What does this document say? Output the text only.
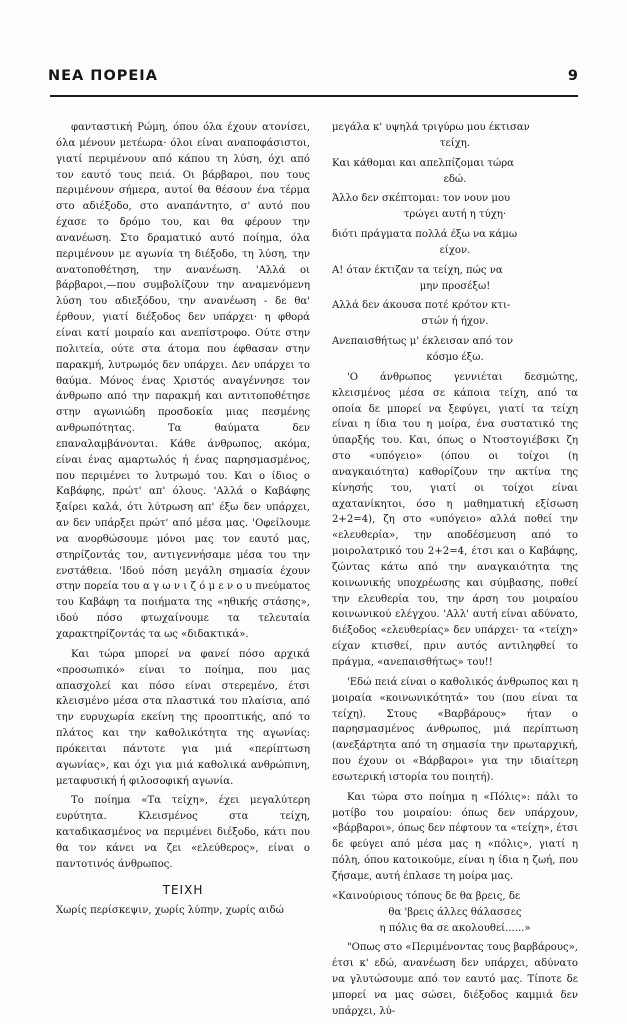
ΝΕΑ ΠΟΡΕΙΑ	9

φανταστική Ρώμη, όπου όλα έχουν ατονίσει, όλα μένουν μετέωρα· όλοι είναι αναποφάσιστοι, γιατί περιμένουν από κάπου τη λύση, όχι από τον εαυτό τους πειά. Οι βάρβαροι, που τους περιμένουν σήμερα, αυτοί θα θέσουν ένα τέρμα στο αδιέξοδο, στο αναπάντητο, σ' αυτό που έχασε το δρόμο του, και θα φέρουν την ανανέωση. Στο δραματικό αυτό ποίημα, όλα περιμένουν με αγωνία τη διέξοδο, τη λύση, την ανατοποθέτηση, την ανανέωση. 'Αλλά οι βάρβαροι,—που συμβολίζουν την αναμενόμενη λύση του αδιεξόδου, την ανανέωση - δε θα' έρθουν, γιατί διέξοδος δεν υπάρχει· η φθορά είναι κατί μοιραίο και ανεπίστροφο. Ούτε στην πολιτεία, ούτε στα άτομα που έφθασαν στην παρακμή, λυτρωμός δεν υπάρχει. Δεν υπάρχει το θαύμα. Μόνος ένας Χριστός αναγέννησε τον άνθρωπο από την παρακμή και αντιτοποθέτησε στην αγωνιώδη προσδοκία μιας πεσμένης ανθρωπότητας. Τα θαύματα δεν επαναλαμβάνονται. Κάθε άνθρωπος, ακόμα, είναι ένας αμαρτωλός ή ένας παρησμασμένος, που περιμένει το λυτρωμό του. Και ο ίδιος ο Καβάφης, πρώτ' απ' όλους. 'Αλλά ο Καβάφης ξαίρει καλά, ότι λύτρωση απ' έξω δεν υπάρχει, αν δεν υπάρξει πρώτ' από μέσα μας. 'Οφείλουμε να ανορθώσουμε μόνοι μας τον εαυτό μας, στηρίζοντάς τον, αντιγεννήσαμε μέσα του την ενστάθεια. 'Ιδού πόση μεγάλη σημασία έχουν στην πορεία του α γ ω ν ι ζ ό μ ε ν ο υ πνεύματος του Καβάφη τα ποιήματα της «ηθικής στάσης», ιδού πόσο φτωχαίνουμε τα τελευταία χαρακτηρίζοντάς τα ως «διδακτικά».

Και τώρα μπορεί να φανεί πόσο αρχικά «προσωπικό» είναι το ποίημα, που μας απασχολεί και πόσο είναι στερεμένο, έτσι κλεισμένο μέσα στα πλαστικά του πλαίσια, από την ευρυχωρία εκείνη της προοπτικής, από το πλάτος και την καθολικότητα της αγωνίας: πρόκειται πάντοτε για μιά «περίπτωση αγωνίας», και όχι για μιά καθολικά ανθρώπινη, μεταφυσική ή φιλοσοφική αγωνία.

Το ποίημα «Τα τείχη», έχει μεγαλύτερη ευρύτητα. Κλεισμένος στα τείχη, καταδικασμένος να περιμένει διέξοδο, κάτι που θα τον κάνει να ζει «ελεύθερος», είναι ο παντοτινός άνθρωπος.

ΤΕΙΧΗ
Χωρίς περίσκεψιν, χωρίς λύπην, χωρίς αιδώ
μεγάλα κ' υψηλά τριγύρω μου έκτισαν
τείχη.
Και κάθομαι και απελπίζομαι τώρα
εδώ.
Άλλο δεν σκέπτομαι: τον νουν μου
τρώγει αυτή η τύχη·
διότι πράγματα πολλά έξω να κάμω
είχον.
Α! όταν έκτιζαν τα τείχη, πώς να
μην προσέξω!
Αλλά δεν άκουσα ποτέ κρότον κτι-
στών ή ήχον.
Ανεπαισθήτως μ' έκλεισαν από τον
κόσμο έξω.

'Ο άνθρωπος γεννιέται δεσμώτης, κλεισμένος μέσα σε κάποια τείχη, από τα οποία δε μπορεί να ξεφύγει, γιατί τα τείχη είναι η ίδια του η μοίρα, ένα συστατικό της ύπαρξής του. Και, όπως ο Ντοστογιέβσκι ζη στο «υπόγειο» (όπου οι τοίχοι (η αναγκαιότητα) καθορίζουν την ακτίνα της κίνησής του, γιατί οι τοίχοι είναι αχατανίκητοι, όσο η μαθηματική εξίσωση 2+2=4), ζη στο «υπόγειο» αλλά ποθεί την «ελευθερία», την αποδέσμευση από το μοιρολατρικό του 2+2=4, έτσι και ο Καβάφης, ζώντας κάτω από την αναγκαιότητα της κοινωνικής υποχρέωσης και σύμβασης, ποθεί την ελευθερία του, την άρση του μοιραίου κοινωνικού ελέγχου. 'Αλλ' αυτή είναι αδύνατο, διέξοδος «ελευθερίας» δεν υπάρχει· τα «τείχη» είχαν κτισθεί, πριν αυτός αντιληφθεί το πράγμα, «ανεπαισθήτως» του!!

'Εδώ πειά είναι ο καθολικός άνθρωπος και η μοιραία «κοινωνικότητά» του (που είναι τα τείχη). Στους «Βαρβάρους» ήταν ο παρησμασμένος άνθρωπος, μιά περίπτωση (ανεξάρτητα από τη σημασία την πρωταρχική, που έχουν οι «Βάρβαροι» για την ιδιαίτερη εσωτερική ιστορία του ποιητή).

Και τώρα στο ποίημα η «Πόλις»: πάλι το μοτίβο του μοιραίου: όπως δεν υπάρχουν, «βάρβαροι», όπως δεν πέφτουν τα «τείχη», έτσι δε φεύγει από μέσα μας η «πόλις», γιατί η πόλη, όπου κατοικούμε, είναι η ίδια η ζωή, που ζήσαμε, αυτή έπλασε τη μοίρα μας.

«Καινούριους τόπους δε θα βρεις, δε
θα 'βρεις άλλες θάλασσες
η πόλις θα σε ακολουθεί......»

"Οπως στο «Περιμένοντας τους βαρβάρους», έτσι κ' εδώ, ανανέωση δεν υπάρχει, αδύνατο να γλυτώσουμε από τον εαυτό μας. Τίποτε δε μπορεί να μας σώσει, διέξοδος καμμιά δεν υπάρχει, λύ-
